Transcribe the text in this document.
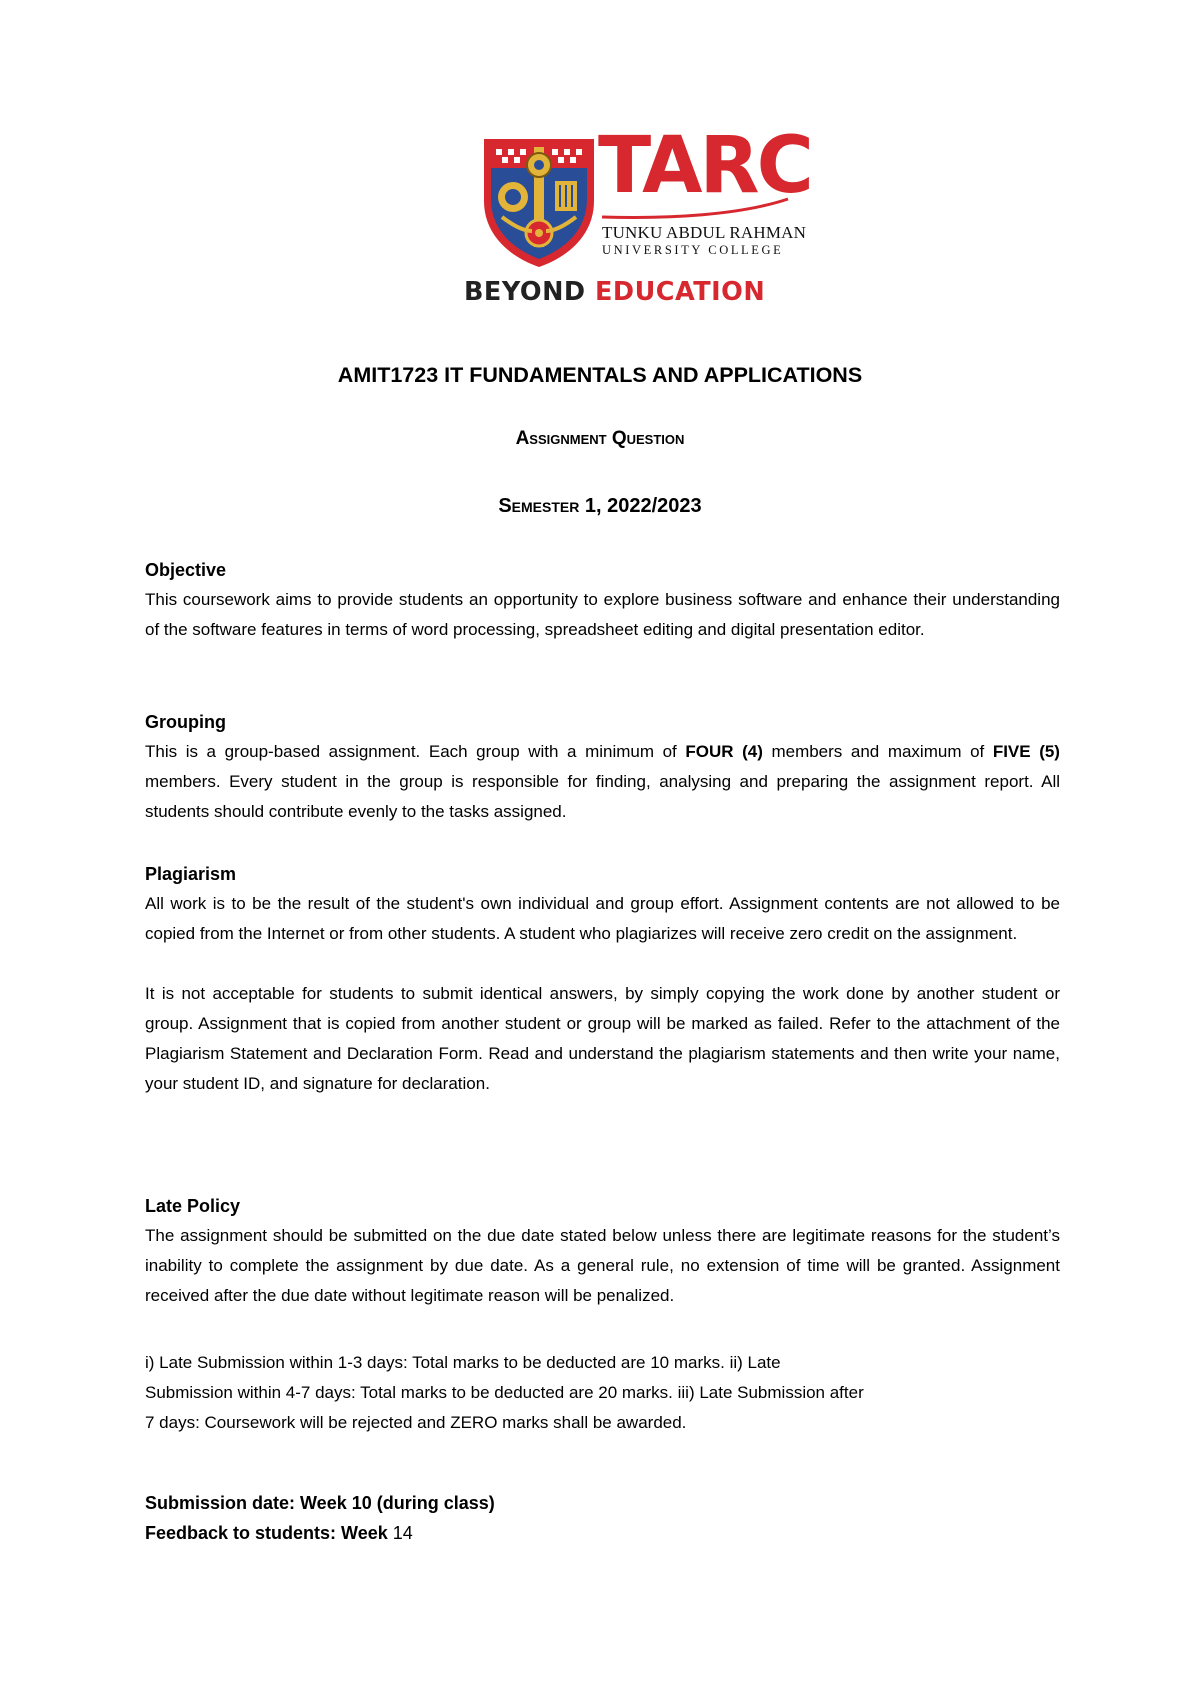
TARC
TUNKU ABDUL RAHMAN
UNIVERSITY COLLEGE
BEYOND EDUCATION
AMIT1723 IT FUNDAMENTALS AND APPLICATIONS
Assignment Question
Semester 1, 2022/2023
Objective
This coursework aims to provide students an opportunity to explore business software and enhance their understanding of the software features in terms of word processing, spreadsheet editing and digital presentation editor.
Grouping
This is a group-based assignment. Each group with a minimum of FOUR (4) members and maximum of FIVE (5) members. Every student in the group is responsible for finding, analysing and preparing the assignment report. All students should contribute evenly to the tasks assigned.
Plagiarism
All work is to be the result of the student's own individual and group effort. Assignment contents are not allowed to be copied from the Internet or from other students. A student who plagiarizes will receive zero credit on the assignment.
It is not acceptable for students to submit identical answers, by simply copying the work done by another student or group. Assignment that is copied from another student or group will be marked as failed. Refer to the attachment of the Plagiarism Statement and Declaration Form. Read and understand the plagiarism statements and then write your name, your student ID, and signature for declaration.
Late Policy
The assignment should be submitted on the due date stated below unless there are legitimate reasons for the student’s inability to complete the assignment by due date. As a general rule, no extension of time will be granted. Assignment received after the due date without legitimate reason will be penalized.
i) Late Submission within 1-3 days: Total marks to be deducted are 10 marks. ii) Late
Submission within 4-7 days: Total marks to be deducted are 20 marks. iii) Late Submission after
7 days: Coursework will be rejected and ZERO marks shall be awarded.
Submission date: Week 10 (during class)
Feedback to students: Week 14
